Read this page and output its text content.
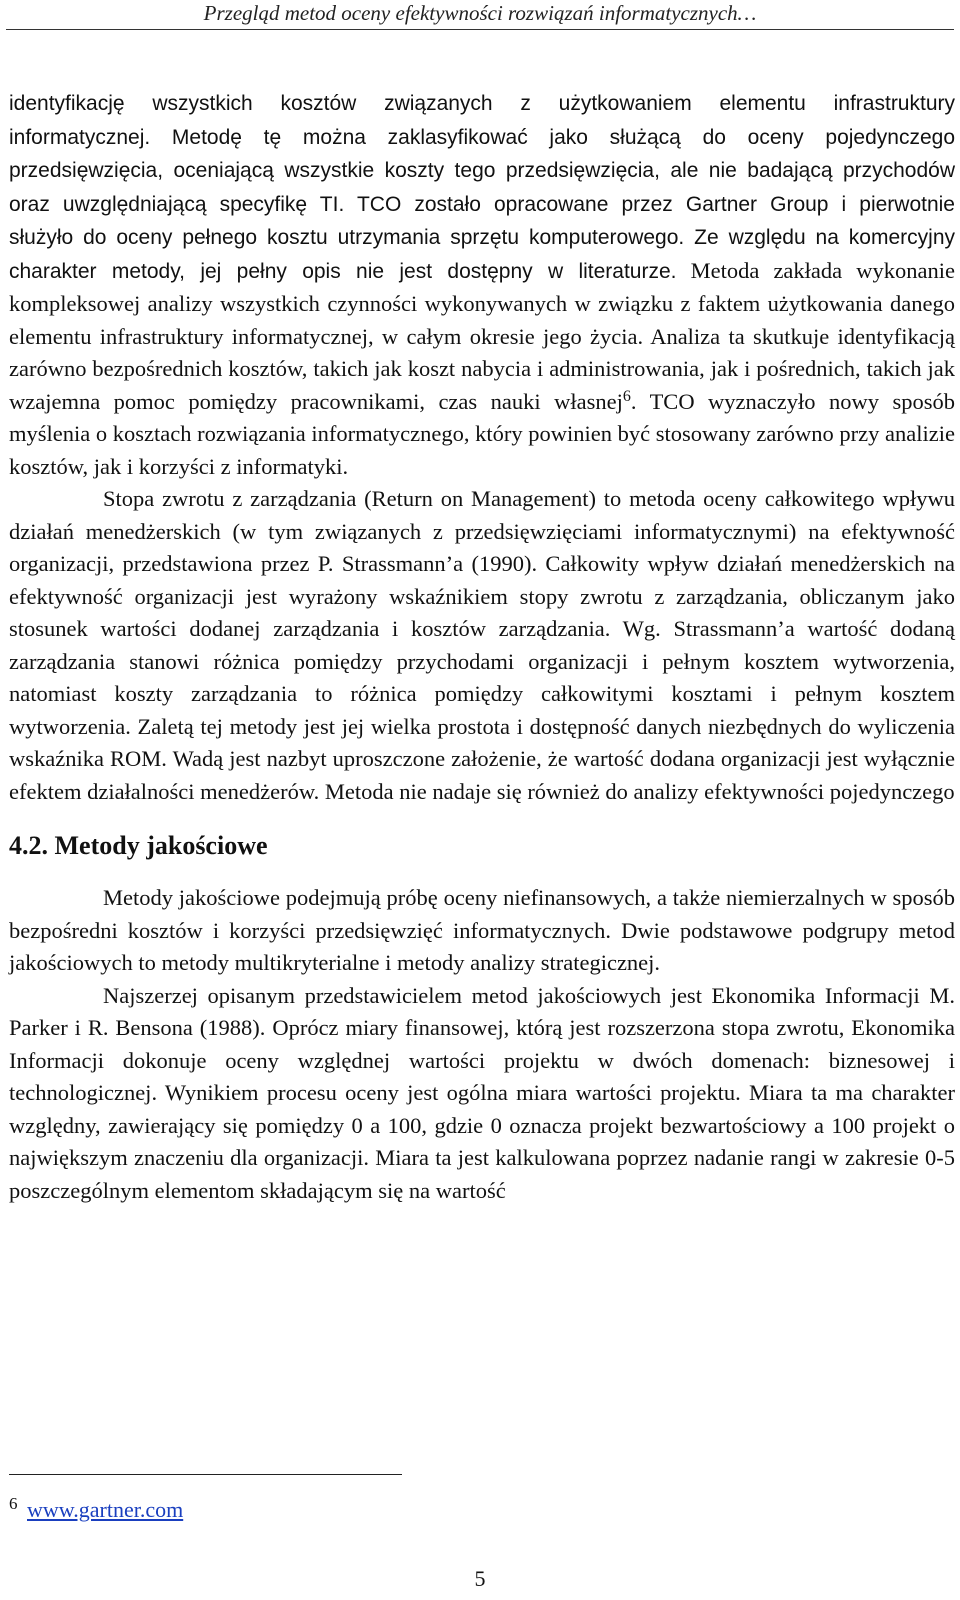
Przegląd metod oceny efektywności rozwiązań informatycznych…

identyfikację wszystkich kosztów związanych z użytkowaniem elementu infrastruktury informatycznej. Metodę tę można zaklasyfikować jako służącą do oceny pojedynczego przedsięwzięcia, oceniającą wszystkie koszty tego przedsięwzięcia, ale nie badającą przychodów oraz uwzględniającą specyfikę TI. TCO zostało opracowane przez Gartner Group i pierwotnie służyło do oceny pełnego kosztu utrzymania sprzętu komputerowego. Ze względu na komercyjny charakter metody, jej pełny opis nie jest dostępny w literaturze. Metoda zakłada wykonanie kompleksowej analizy wszystkich czynności wykonywanych w związku z faktem użytkowania danego elementu infrastruktury informatycznej, w całym okresie jego życia. Analiza ta skutkuje identyfikacją zarówno bezpośrednich kosztów, takich jak koszt nabycia i administrowania, jak i pośrednich, takich jak wzajemna pomoc pomiędzy pracownikami, czas nauki własnej$^6$. TCO wyznaczyło nowy sposób myślenia o kosztach rozwiązania informatycznego, który powinien być stosowany zarówno przy analizie kosztów, jak i korzyści z informatyki.

Stopa zwrotu z zarządzania (Return on Management) to metoda oceny całkowitego wpływu działań menedżerskich (w tym związanych z przedsięwzięciami informatycznymi) na efektywność organizacji, przedstawiona przez P. Strassmann’a (1990). Całkowity wpływ działań menedżerskich na efektywność organizacji jest wyrażony wskaźnikiem stopy zwrotu z zarządzania, obliczanym jako stosunek wartości dodanej zarządzania i kosztów zarządzania. Wg. Strassmann’a wartość dodaną zarządzania stanowi różnica pomiędzy przychodami organizacji i pełnym kosztem wytworzenia, natomiast koszty zarządzania to różnica pomiędzy całkowitymi kosztami i pełnym kosztem wytworzenia. Zaletą tej metody jest jej wielka prostota i dostępność danych niezbędnych do wyliczenia wskaźnika ROM. Wadą jest nazbyt uproszczone założenie, że wartość dodana organizacji jest wyłącznie efektem działalności menedżerów. Metoda nie nadaje się również do analizy efektywności pojedynczego

4.2. Metody jakościowe

Metody jakościowe podejmują próbę oceny niefinansowych, a także niemierzalnych w sposób bezpośredni kosztów i korzyści przedsięwzięć informatycznych. Dwie podstawowe podgrupy metod jakościowych to metody multikryterialne i metody analizy strategicznej.

Najszerzej opisanym przedstawicielem metod jakościowych jest Ekonomika Informacji M. Parker i R. Bensona (1988). Oprócz miary finansowej, którą jest rozszerzona stopa zwrotu, Ekonomika Informacji dokonuje oceny względnej wartości projektu w dwóch domenach: biznesowej i technologicznej. Wynikiem procesu oceny jest ogólna miara wartości projektu. Miara ta ma charakter względny, zawierający się pomiędzy 0 a 100, gdzie 0 oznacza projekt bezwartościowy a 100 projekt o największym znaczeniu dla organizacji. Miara ta jest kalkulowana poprzez nadanie rangi w zakresie 0-5 poszczególnym elementom składającym się na wartość

$^6$ www.gartner.com
5
